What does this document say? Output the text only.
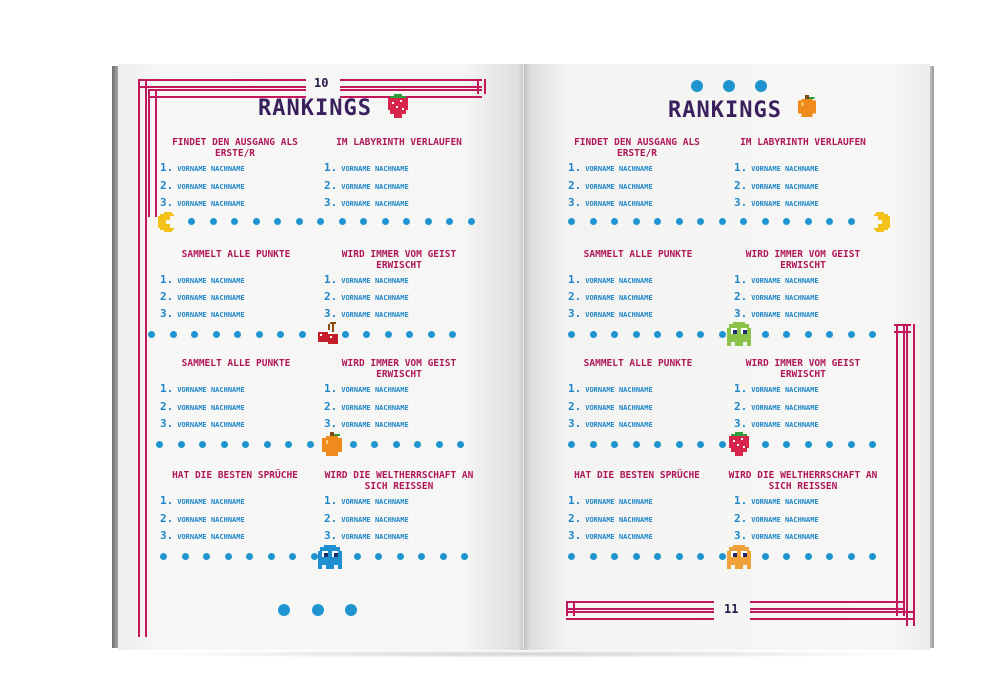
10
RANKINGS
FINDET DEN AUSGANG ALS ERSTE/R
1. VORNAME NACHNAME
2. VORNAME NACHNAME
3. VORNAME NACHNAME
IM LABYRINTH VERLAUFEN
1. VORNAME NACHNAME
2. VORNAME NACHNAME
3. VORNAME NACHNAME
SAMMELT ALLE PUNKTE
1. VORNAME NACHNAME
2. VORNAME NACHNAME
3. VORNAME NACHNAME
WIRD IMMER VOM GEIST ERWISCHT
1. VORNAME NACHNAME
2. VORNAME NACHNAME
3. VORNAME NACHNAME
SAMMELT ALLE PUNKTE
1. VORNAME NACHNAME
2. VORNAME NACHNAME
3. VORNAME NACHNAME
WIRD IMMER VOM GEIST ERWISCHT
1. VORNAME NACHNAME
2. VORNAME NACHNAME
3. VORNAME NACHNAME
HAT DIE BESTEN SPRÜCHE
1. VORNAME NACHNAME
2. VORNAME NACHNAME
3. VORNAME NACHNAME
WIRD DIE WELTHERRSCHAFT AN SICH REISSEN
1. VORNAME NACHNAME
2. VORNAME NACHNAME
3. VORNAME NACHNAME
11
RANKINGS
FINDET DEN AUSGANG ALS ERSTE/R
1. VORNAME NACHNAME
2. VORNAME NACHNAME
3. VORNAME NACHNAME
IM LABYRINTH VERLAUFEN
1. VORNAME NACHNAME
2. VORNAME NACHNAME
3. VORNAME NACHNAME
SAMMELT ALLE PUNKTE
1. VORNAME NACHNAME
2. VORNAME NACHNAME
3. VORNAME NACHNAME
WIRD IMMER VOM GEIST ERWISCHT
1. VORNAME NACHNAME
2. VORNAME NACHNAME
3. VORNAME NACHNAME
SAMMELT ALLE PUNKTE
1. VORNAME NACHNAME
2. VORNAME NACHNAME
3. VORNAME NACHNAME
WIRD IMMER VOM GEIST ERWISCHT
1. VORNAME NACHNAME
2. VORNAME NACHNAME
3. VORNAME NACHNAME
HAT DIE BESTEN SPRÜCHE
1. VORNAME NACHNAME
2. VORNAME NACHNAME
3. VORNAME NACHNAME
WIRD DIE WELTHERRSCHAFT AN SICH REISSEN
1. VORNAME NACHNAME
2. VORNAME NACHNAME
3. VORNAME NACHNAME
